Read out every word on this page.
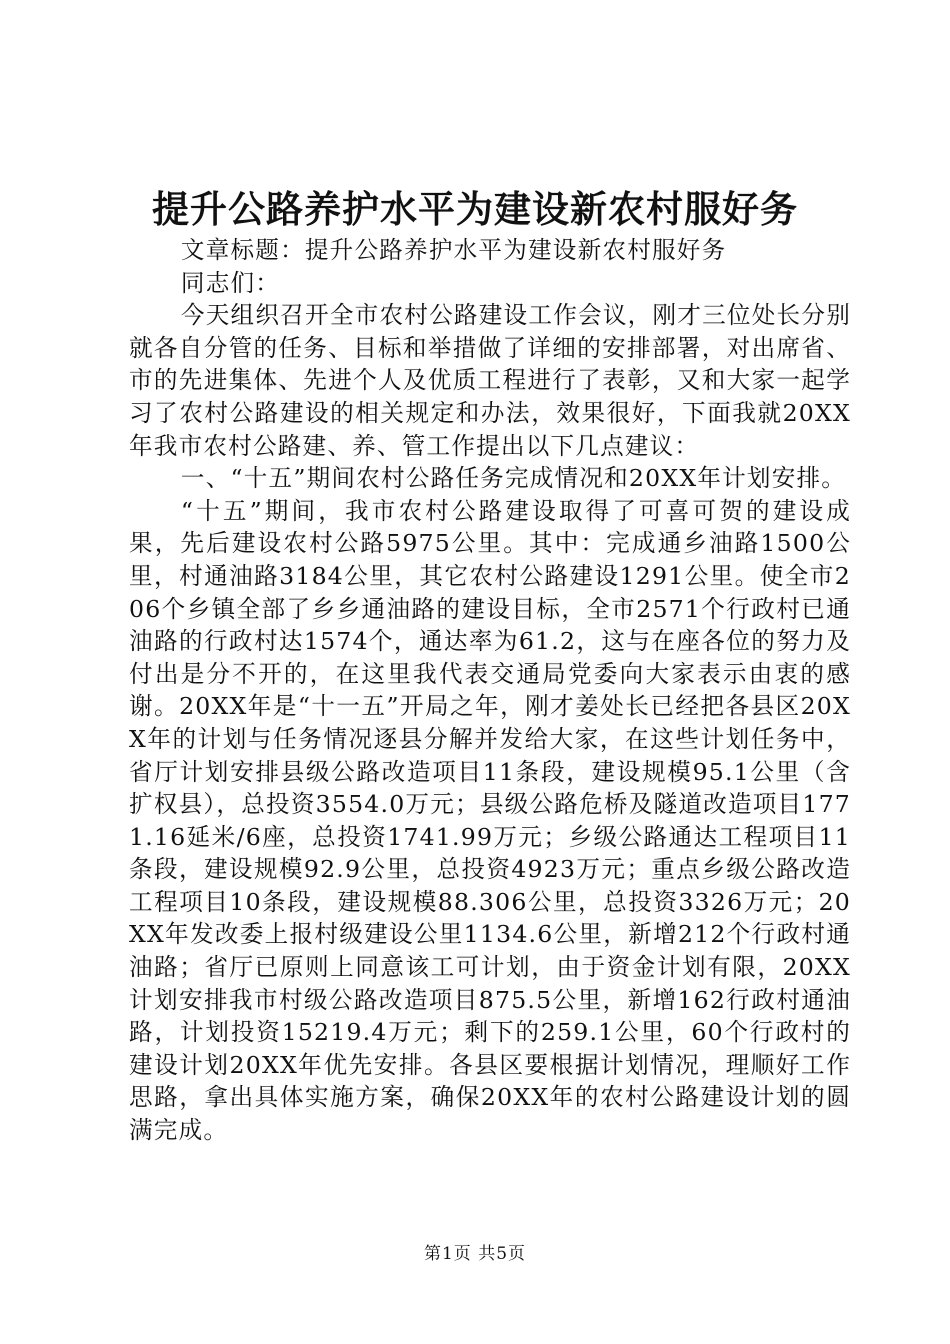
提升公路养护水平为建设新农村服好务

文章标题：提升公路养护水平为建设新农村服好务

同志们：

今天组织召开全市农村公路建设工作会议，刚才三位处长分别就各自分管的任务、目标和举措做了详细的安排部署，对出席省、市的先进集体、先进个人及优质工程进行了表彰，又和大家一起学习了农村公路建设的相关规定和办法，效果很好，下面我就20XX年我市农村公路建、养、管工作提出以下几点建议：

一、“十五”期间农村公路任务完成情况和20XX年计划安排。

“十五”期间，我市农村公路建设取得了可喜可贺的建设成果，先后建设农村公路5975公里。其中：完成通乡油路1500公里，村通油路3184公里，其它农村公路建设1291公里。使全市206个乡镇全部了乡乡通油路的建设目标，全市2571个行政村已通油路的行政村达1574个，通达率为61.2，这与在座各位的努力及付出是分不开的，在这里我代表交通局党委向大家表示由衷的感谢。20XX年是“十一五”开局之年，刚才姜处长已经把各县区20XX年的计划与任务情况逐县分解并发给大家，在这些计划任务中，省厅计划安排县级公路改造项目11条段，建设规模95.1公里（含扩权县），总投资3554.0万元；县级公路危桥及隧道改造项目1771.16延米/6座，总投资1741.99万元；乡级公路通达工程项目11条段，建设规模92.9公里，总投资4923万元；重点乡级公路改造工程项目10条段，建设规模88.306公里，总投资3326万元；20XX年发改委上报村级建设公里1134.6公里，新增212个行政村通油路；省厅已原则上同意该工可计划，由于资金计划有限，20XX计划安排我市村级公路改造项目875.5公里，新增162行政村通油路，计划投资15219.4万元；剩下的259.1公里，60个行政村的建设计划20XX年优先安排。各县区要根据计划情况，理顺好工作思路，拿出具体实施方案，确保20XX年的农村公路建设计划的圆满完成。

第1页 共5页
